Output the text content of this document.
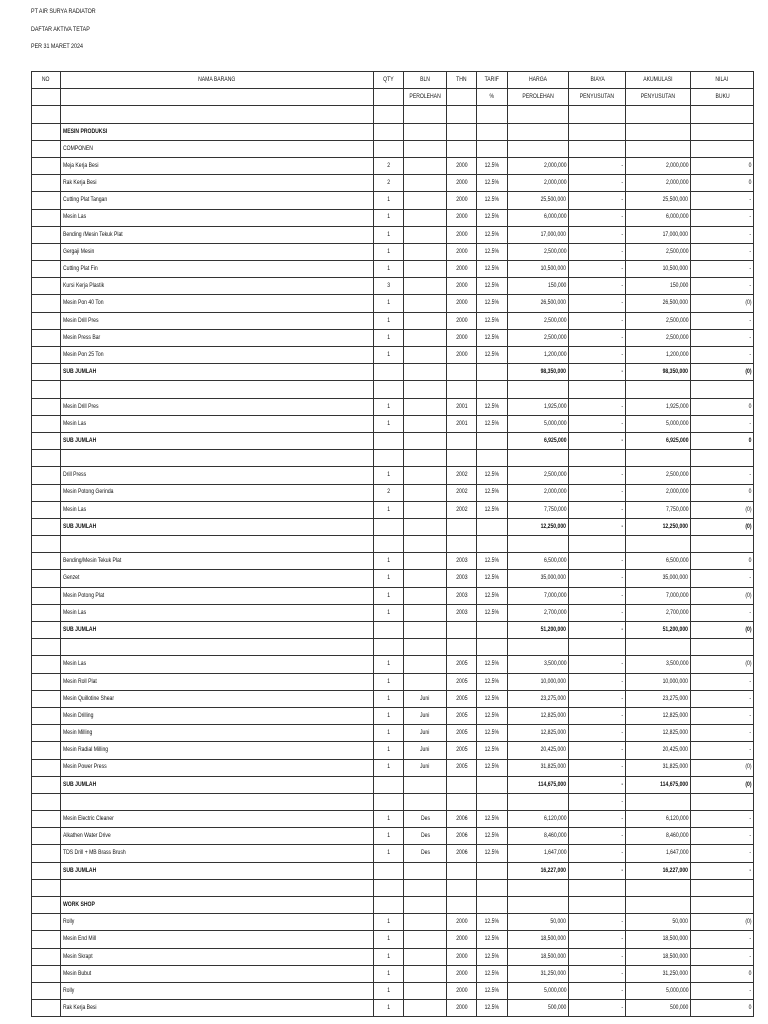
PT AIR SURYA RADIATOR
DAFTAR AKTIVA TETAP
PER 31 MARET 2024
NO	NAMA BARANG	QTY	BLN	THN	TARIF	HARGA	BIAYA	AKUMULASI	NILAI
			PEROLEHAN		%	PEROLEHAN	PENYUSUTAN	PENYUSUTAN	BUKU

	MESIN PRODUKSI								
	COMPONEN								
	Meja Kerja Besi	2		2000	12.5%	2,000,000	-	2,000,000	0
	Rak Kerja Besi	2		2000	12.5%	2,000,000	-	2,000,000	0
	Cutting Plat Tangan	1		2000	12.5%	25,500,000	-	25,500,000	-
	Mesin Las	1		2000	12.5%	6,000,000	-	6,000,000	-
	Bending /Mesin Tekuk Plat	1		2000	12.5%	17,000,000	-	17,000,000	-
	Gergaji Mesin	1		2000	12.5%	2,500,000	-	2,500,000	-
	Cutting Plat Fin	1		2000	12.5%	10,500,000	-	10,500,000	-
	Kursi Kerja Plastik	3		2000	12.5%	150,000	-	150,000	-
	Mesin Pon 40 Ton	1		2000	12.5%	26,500,000	-	26,500,000	(0)
	Mesin Drill Pres	1		2000	12.5%	2,500,000	-	2,500,000	-
	Mesin Press Bar	1		2000	12.5%	2,500,000	-	2,500,000	-
	Mesin Pon 25 Ton	1		2000	12.5%	1,200,000	-	1,200,000	-
	SUB JUMLAH					98,350,000	-	98,350,000	(0)

	Mesin Drill Pres	1		2001	12.5%	1,925,000	-	1,925,000	0
	Mesin Las	1		2001	12.5%	5,000,000	-	5,000,000	-
	SUB JUMLAH					6,925,000	-	6,925,000	0

	Drill Press	1		2002	12.5%	2,500,000	-	2,500,000	-
	Mesin Potong Gerinda	2		2002	12.5%	2,000,000	-	2,000,000	0
	Mesin Las	1		2002	12.5%	7,750,000	-	7,750,000	(0)
	SUB JUMLAH					12,250,000	-	12,250,000	(0)

	Bending/Mesin Tekuk Plat	1		2003	12.5%	6,500,000	-	6,500,000	0
	Genzet	1		2003	12.5%	35,000,000	-	35,000,000	-
	Mesin Potong Plat	1		2003	12.5%	7,000,000	-	7,000,000	(0)
	Mesin Las	1		2003	12.5%	2,700,000	-	2,700,000	-
	SUB JUMLAH					51,200,000	-	51,200,000	(0)

	Mesin Las	1		2005	12.5%	3,500,000	-	3,500,000	(0)
	Mesin Roll Plat	1		2005	12.5%	10,000,000	-	10,000,000	-
	Mesin Quillotine Shear	1	Juni	2005	12.5%	23,275,000	-	23,275,000	-
	Mesin Drilling	1	Juni	2005	12.5%	12,825,000	-	12,825,000	-
	Mesin Milling	1	Juni	2005	12.5%	12,825,000	-	12,825,000	-
	Mesin Radial Milling	1	Juni	2005	12.5%	20,425,000	-	20,425,000	-
	Mesin Power Press	1	Juni	2005	12.5%	31,825,000	-	31,825,000	(0)
	SUB JUMLAH					114,675,000	-	114,675,000	(0)
							-		
	Mesin Electric Cleaner	1	Des	2006	12.5%	6,120,000	-	6,120,000	-
	Alkathen Water Drive	1	Des	2006	12.5%	8,460,000	-	8,460,000	-
	TDS Drill + MB Brass Brush	1	Des	2006	12.5%	1,647,000	-	1,647,000	-
	SUB JUMLAH					16,227,000	-	16,227,000	-

	WORK SHOP								
	Rolly	1		2000	12.5%	50,000	-	50,000	(0)
	Mesin End Mill	1		2000	12.5%	18,500,000	-	18,500,000	-
	Mesin Skrapt	1		2000	12.5%	18,500,000	-	18,500,000	-
	Mesin Bubut	1		2000	12.5%	31,250,000	-	31,250,000	0
	Rolly	1		2000	12.5%	5,000,000	-	5,000,000	-
	Rak Kerja Besi	1		2000	12.5%	500,000	-	500,000	0
